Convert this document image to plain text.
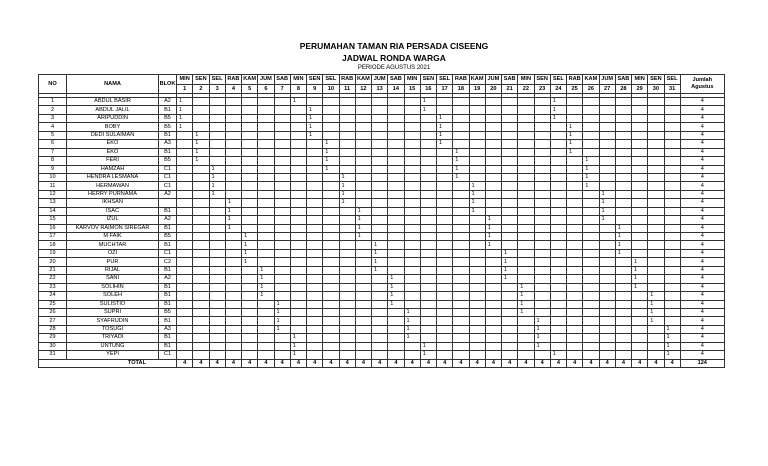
PERUMAHAN TAMAN RIA PERSADA CISEENG
JADWAL RONDA WARGA
PERIODE AGUSTUS 2021
NO	NAMA	BLOK	MIN	SEN	SEL	RAB	KAM	JUM	SAB	MIN	SEN	SEL	RAB	KAM	JUM	SAB	MIN	SEN	SEL	RAB	KAM	JUM	SAB	MIN	SEN	SEL	RAB	KAM	JUM	SAB	MIN	SEN	SEL	Jumlah
Agustus

			1	2	3	4	5	6	7	8	9	10	11	12	13	14	15	16	17	18	19	20	21	22	23	24	25	26	27	28	29	30	31	

1	ABDUL BASIR	A2	1							1								1								1								4
2	ABDUL JALIL	B1	1								1							1								1								4
3	ARIPUDDIN	B5	1								1								1							1								4
4	BOBY	B5	1								1								1								1							4
5	DEDI SULAIMAN	B1		1							1								1								1							4
6	EKO	A3		1								1							1								1							4
7	EKO	B1		1								1								1							1							4
8	FERI	B5		1								1								1								1						4
9	HAMZAH	C1			1							1								1								1						4
10	HENDRA LESMANA	C1			1								1							1								1						4
11	HERMAWAN	C1			1								1								1							1						4
12	HERRY PURNAMA	A2			1								1								1								1					4
13	IKHSAN					1							1								1								1					4
14	ISAC	B1				1								1							1								1					4
15	IZUL	A2				1								1								1							1					4
16	KARVOV RAIMON SIREGAR	B1				1								1								1								1				4
17	M FAIK	B5					1							1								1								1				4
18	MUCHTAR	B1					1								1							1								1				4
19	OZI	C1					1								1								1							1				4
20	PUR	C2					1								1								1								1			4
21	RIJAL	B1						1							1								1								1			4
22	SANI	A2						1								1							1								1			4
23	SOLIHIN	B1						1								1								1							1			4
24	SOLEH	B1						1								1								1								1		4
25	SULISTIO	B1							1							1								1								1		4
26	SUPRI	B5							1								1							1								1		4
27	SYAFRUDIN	B1							1								1								1							1		4
28	TOSUGI	A3							1								1								1								1	4
29	TRIYADI	B1								1							1								1								1	4
30	UNTUNG	B1								1								1							1								1	4
31	YEPI	C1								1								1								1							1	4
TOTAL			4	4	4	4	4	4	4	4	4	4	4	4	4	4	4	4	4	4	4	4	4	4	4	4	4	4	4	4	4	4	4	124
